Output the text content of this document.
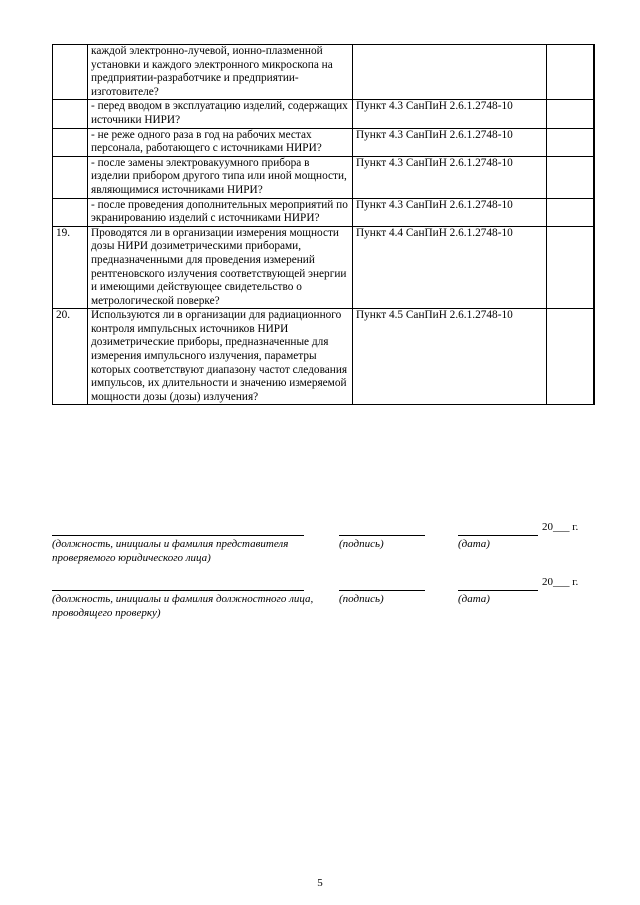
	каждой электронно-лучевой, ионно-плазменной установки и каждого электронного микроскопа на предприятии-разработчике и предприятии-изготовителе?			
	- перед вводом в эксплуатацию изделий, содержащих источники НИРИ?	Пункт 4.3 СанПиН 2.6.1.2748-10		
	- не реже одного раза в год на рабочих местах персонала, работающего с источниками НИРИ?	Пункт 4.3 СанПиН 2.6.1.2748-10		
	- после замены электровакуумного прибора в изделии прибором другого типа или иной мощности, являющимися источниками НИРИ?	Пункт 4.3 СанПиН 2.6.1.2748-10		
	- после проведения дополнительных мероприятий по экранированию изделий с источниками НИРИ?	Пункт 4.3 СанПиН 2.6.1.2748-10		
19.	Проводятся ли в организации измерения мощности дозы НИРИ дозиметрическими приборами, предназначенными для проведения измерений рентгеновского излучения соответствующей энергии и имеющими действующее свидетельство о метрологической поверке?	Пункт 4.4 СанПиН 2.6.1.2748-10		
20.	Используются ли в организации для радиационного контроля импульсных источников НИРИ дозиметрические приборы, предназначенные для измерения импульсного излучения, параметры которых соответствуют диапазону частот следования импульсов, их длительности и значению измеряемой мощности дозы (дозы) излучения?	Пункт 4.5 СанПиН 2.6.1.2748-10		
20___ г.
(должность, инициалы и фамилия представителя проверяемого юридического лица)
(подпись)	(дата)
20___ г.
(должность, инициалы и фамилия должностного лица, проводящего проверку)
(подпись)	(дата)
5
